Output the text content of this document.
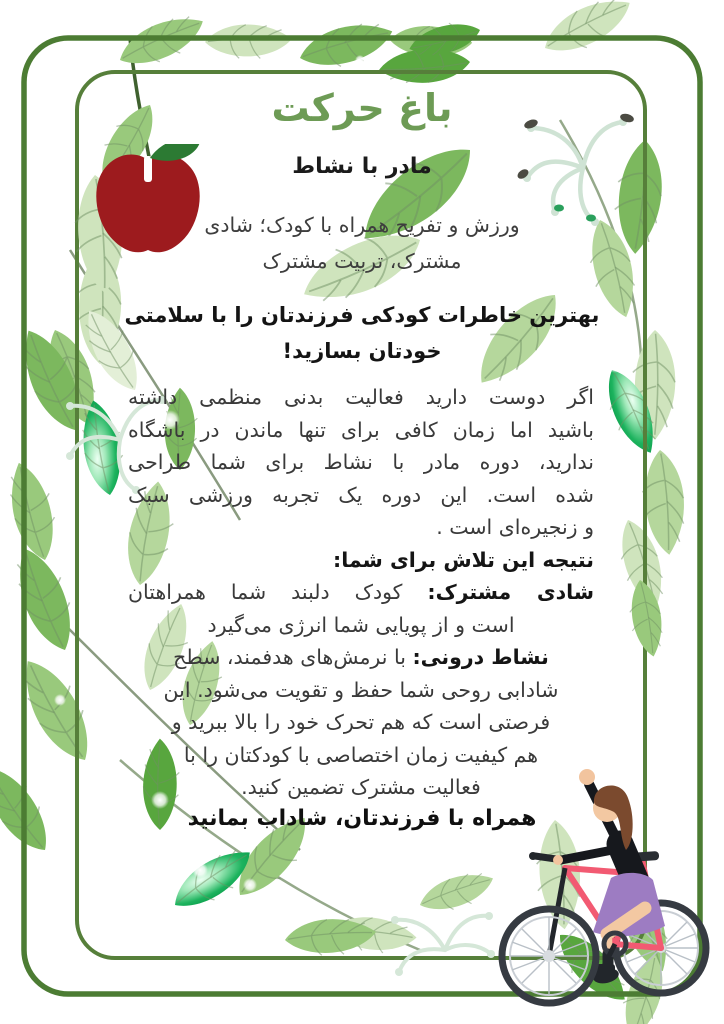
باغ حرکت
مادر با نشاط
ورزش و تفریح همراه با کودک؛ شادی
مشترک، تربیت مشترک
بهترین خاطرات کودکی فرزندتان را با سلامتی
خودتان بسازید!
اگر دوست دارید فعالیت بدنی منظمی داشته
باشید اما زمان کافی برای تنها ماندن در باشگاه
ندارید، دوره مادر با نشاط برای شما طراحی
شده است. این دوره یک تجربه ورزشی سبک
و زنجیره‌ای است .
نتیجه این تلاش برای شما:
شادی مشترک: کودک دلبند شما همراهتان
است و از پویایی شما انرژی می‌گیرد
نشاط درونی: با نرمش‌های هدفمند، سطح
شادابی روحی شما حفظ و تقویت می‌شود. این
فرصتی است که هم تحرک خود را بالا ببرید و
هم کیفیت زمان اختصاصی با کودکتان را با
فعالیت مشترک تضمین کنید.
همراه با فرزندتان، شاداب بمانید
